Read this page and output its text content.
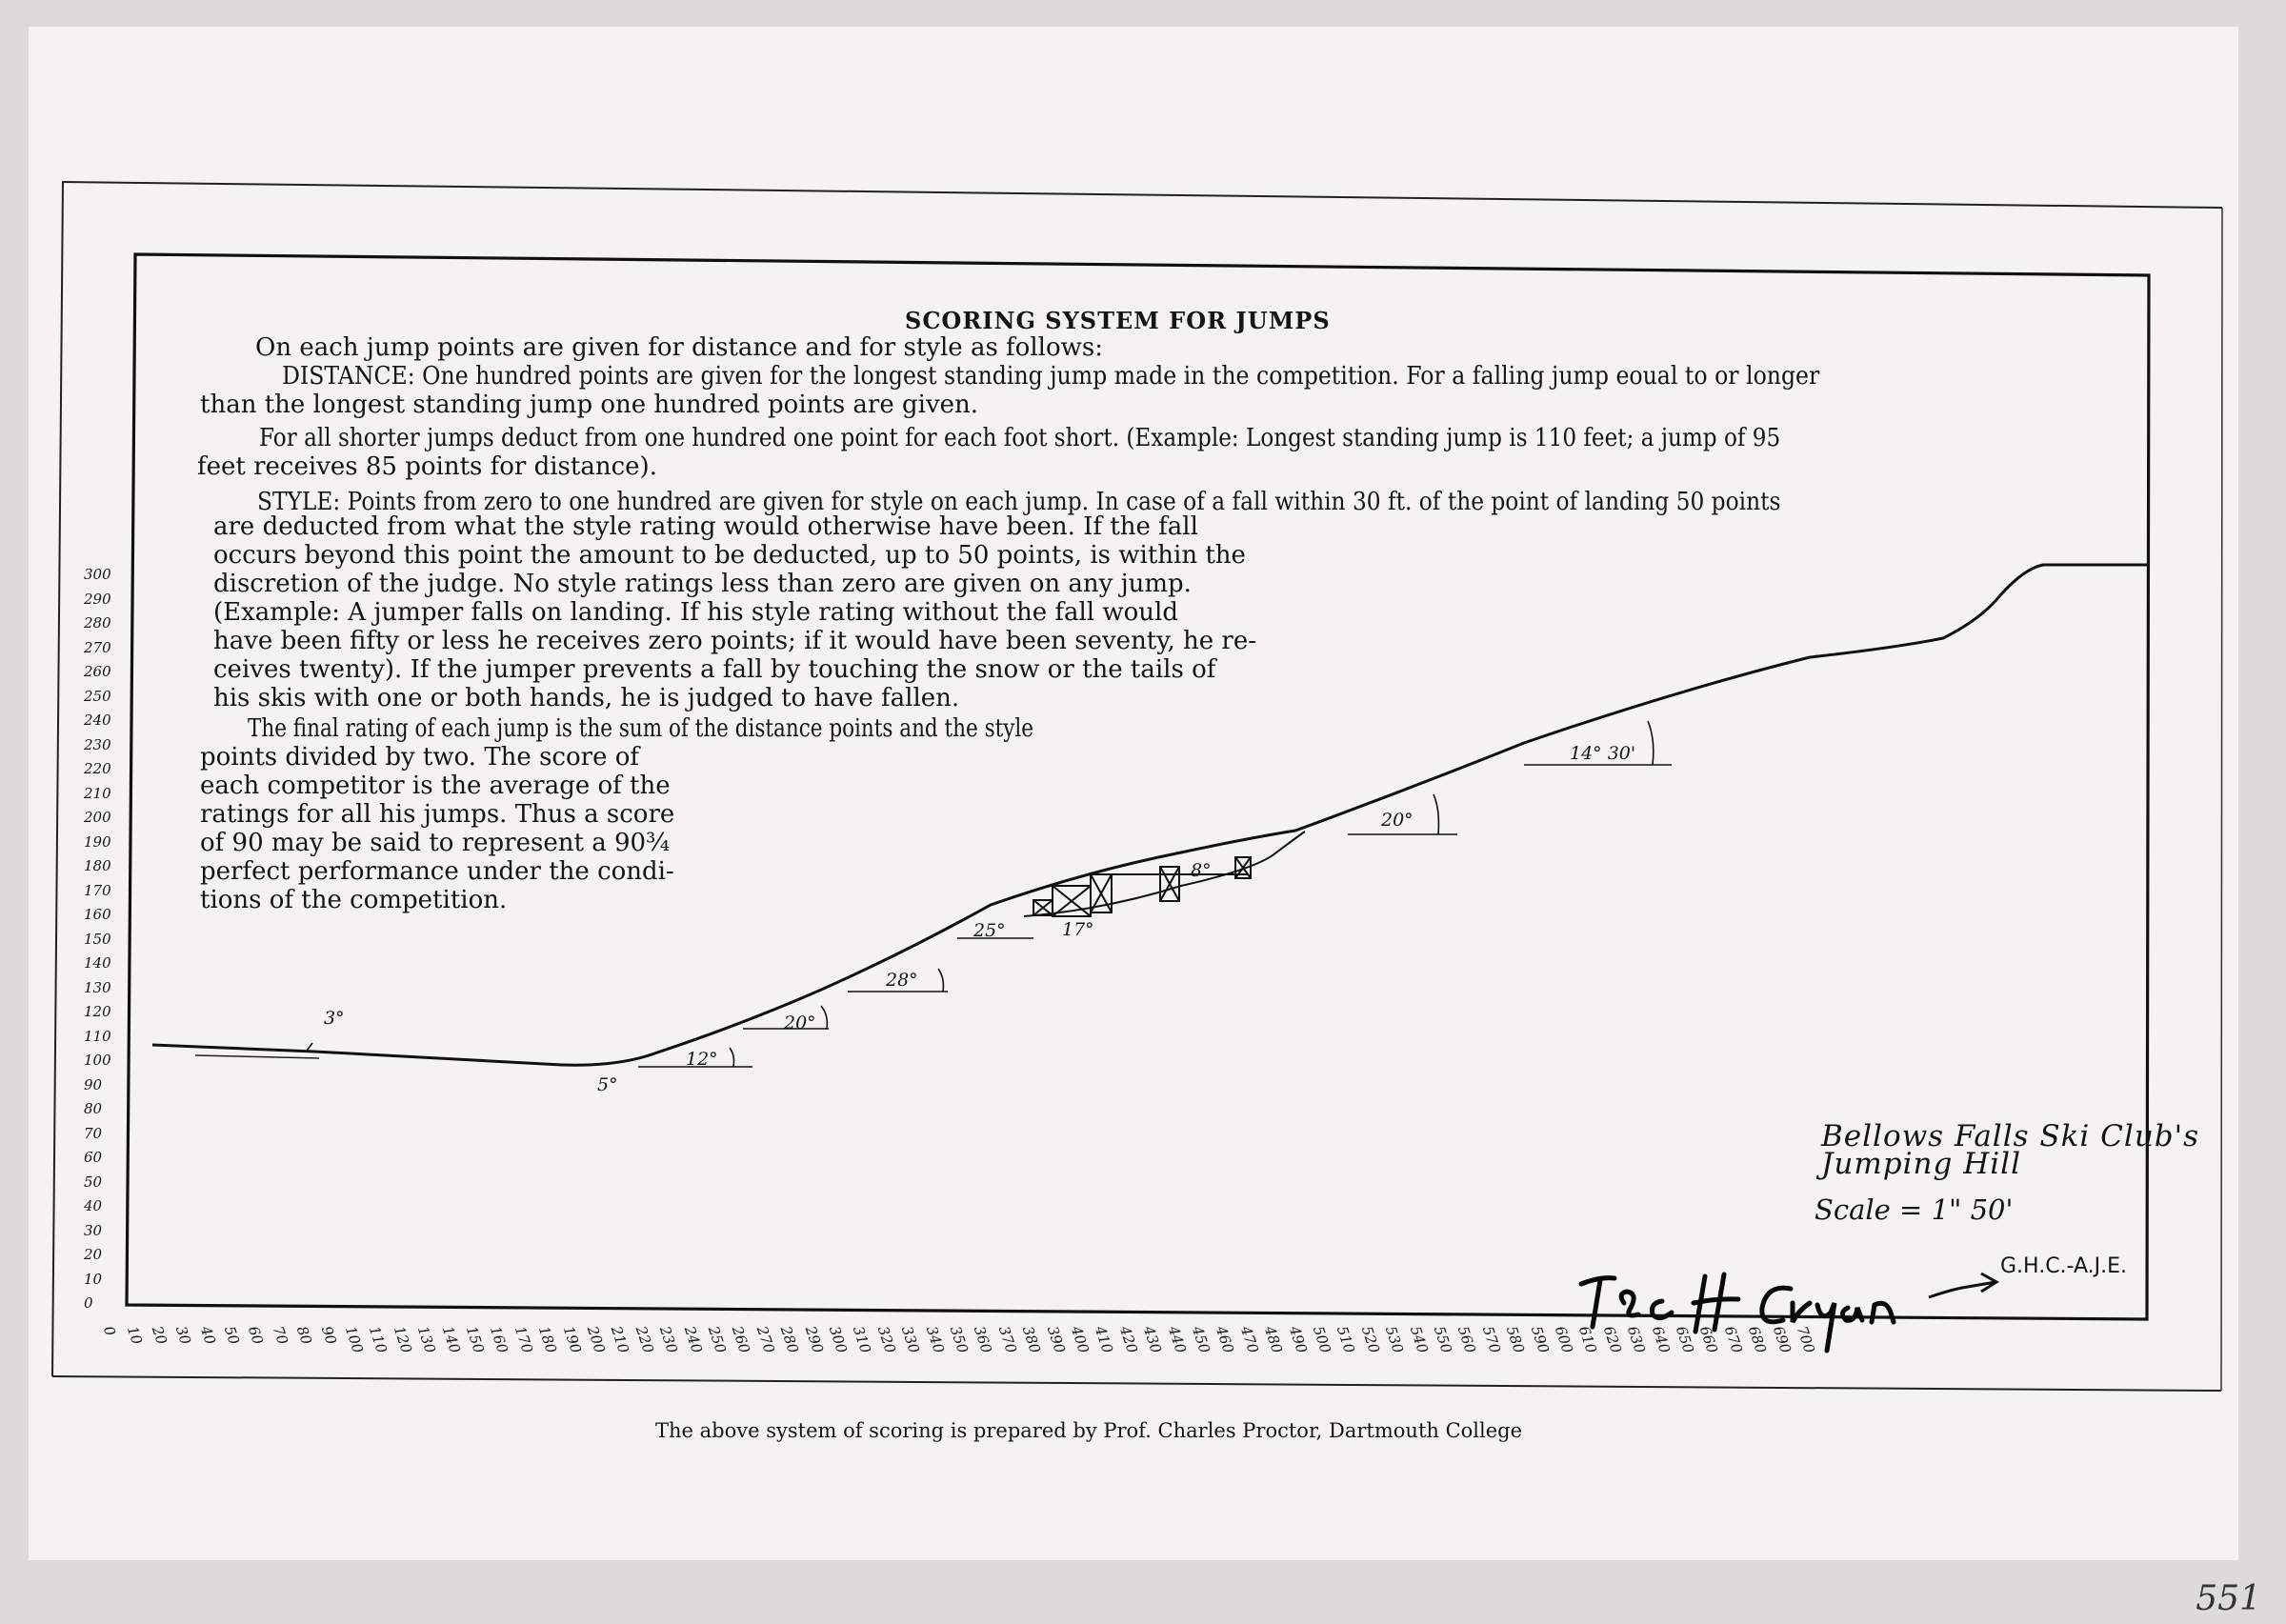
SCORING SYSTEM FOR JUMPS
On each jump points are given for distance and for style as follows:
DISTANCE: One hundred points are given for the longest standing jump made in the competition. For a falling jump eoual to or longer
than the longest standing jump one hundred points are given.
For all shorter jumps deduct from one hundred one point for each foot short. (Example: Longest standing jump is 110 feet; a jump of 95
feet receives 85 points for distance).
STYLE: Points from zero to one hundred are given for style on each jump. In case of a fall within 30 ft. of the point of landing 50 points
are deducted from what the style rating would otherwise have been. If the fall
occurs beyond this point the amount to be deducted, up to 50 points, is within the
discretion of the judge. No style ratings less than zero are given on any jump.
(Example: A jumper falls on landing. If his style rating without the fall would
have been fifty or less he receives zero points; if it would have been seventy, he re-
ceives twenty). If the jumper prevents a fall by touching the snow or the tails of
his skis with one or both hands, he is judged to have fallen.
The final rating of each jump is the sum of the distance points and the style
points divided by two. The score of
each competitor is the average of the
ratings for all his jumps. Thus a score
of 90 may be said to represent a 90¾
perfect performance under the condi-
tions of the competition.
300
290
280
270
260
250
240
230
220
210
200
190
180
170
160
150
140
130
120
110
100
90
80
70
60
50
40
30
20
10
0
0 10 20 30 40 50 60 70 80 90 100 110 120 130 140 150 160 170 180 190 200 210 220 230 240 250 260 270 280 290 300 310 320 330 340 350 360 370 380 390 400 410 420 430 440 450 460 470 480 490 500 510 520 530 540 550 560 570 580 590 600 610 620 630 640 650 660 670 680 690 700
3°
5°
12°
20°
28°
25°	17°
8°
20°
14° 30'
Bellows Falls Ski Club's
Jumping Hill
Scale = 1" 50'
G.H.C.-A.J.E.
The above system of scoring is prepared by Prof. Charles Proctor, Dartmouth College
551
